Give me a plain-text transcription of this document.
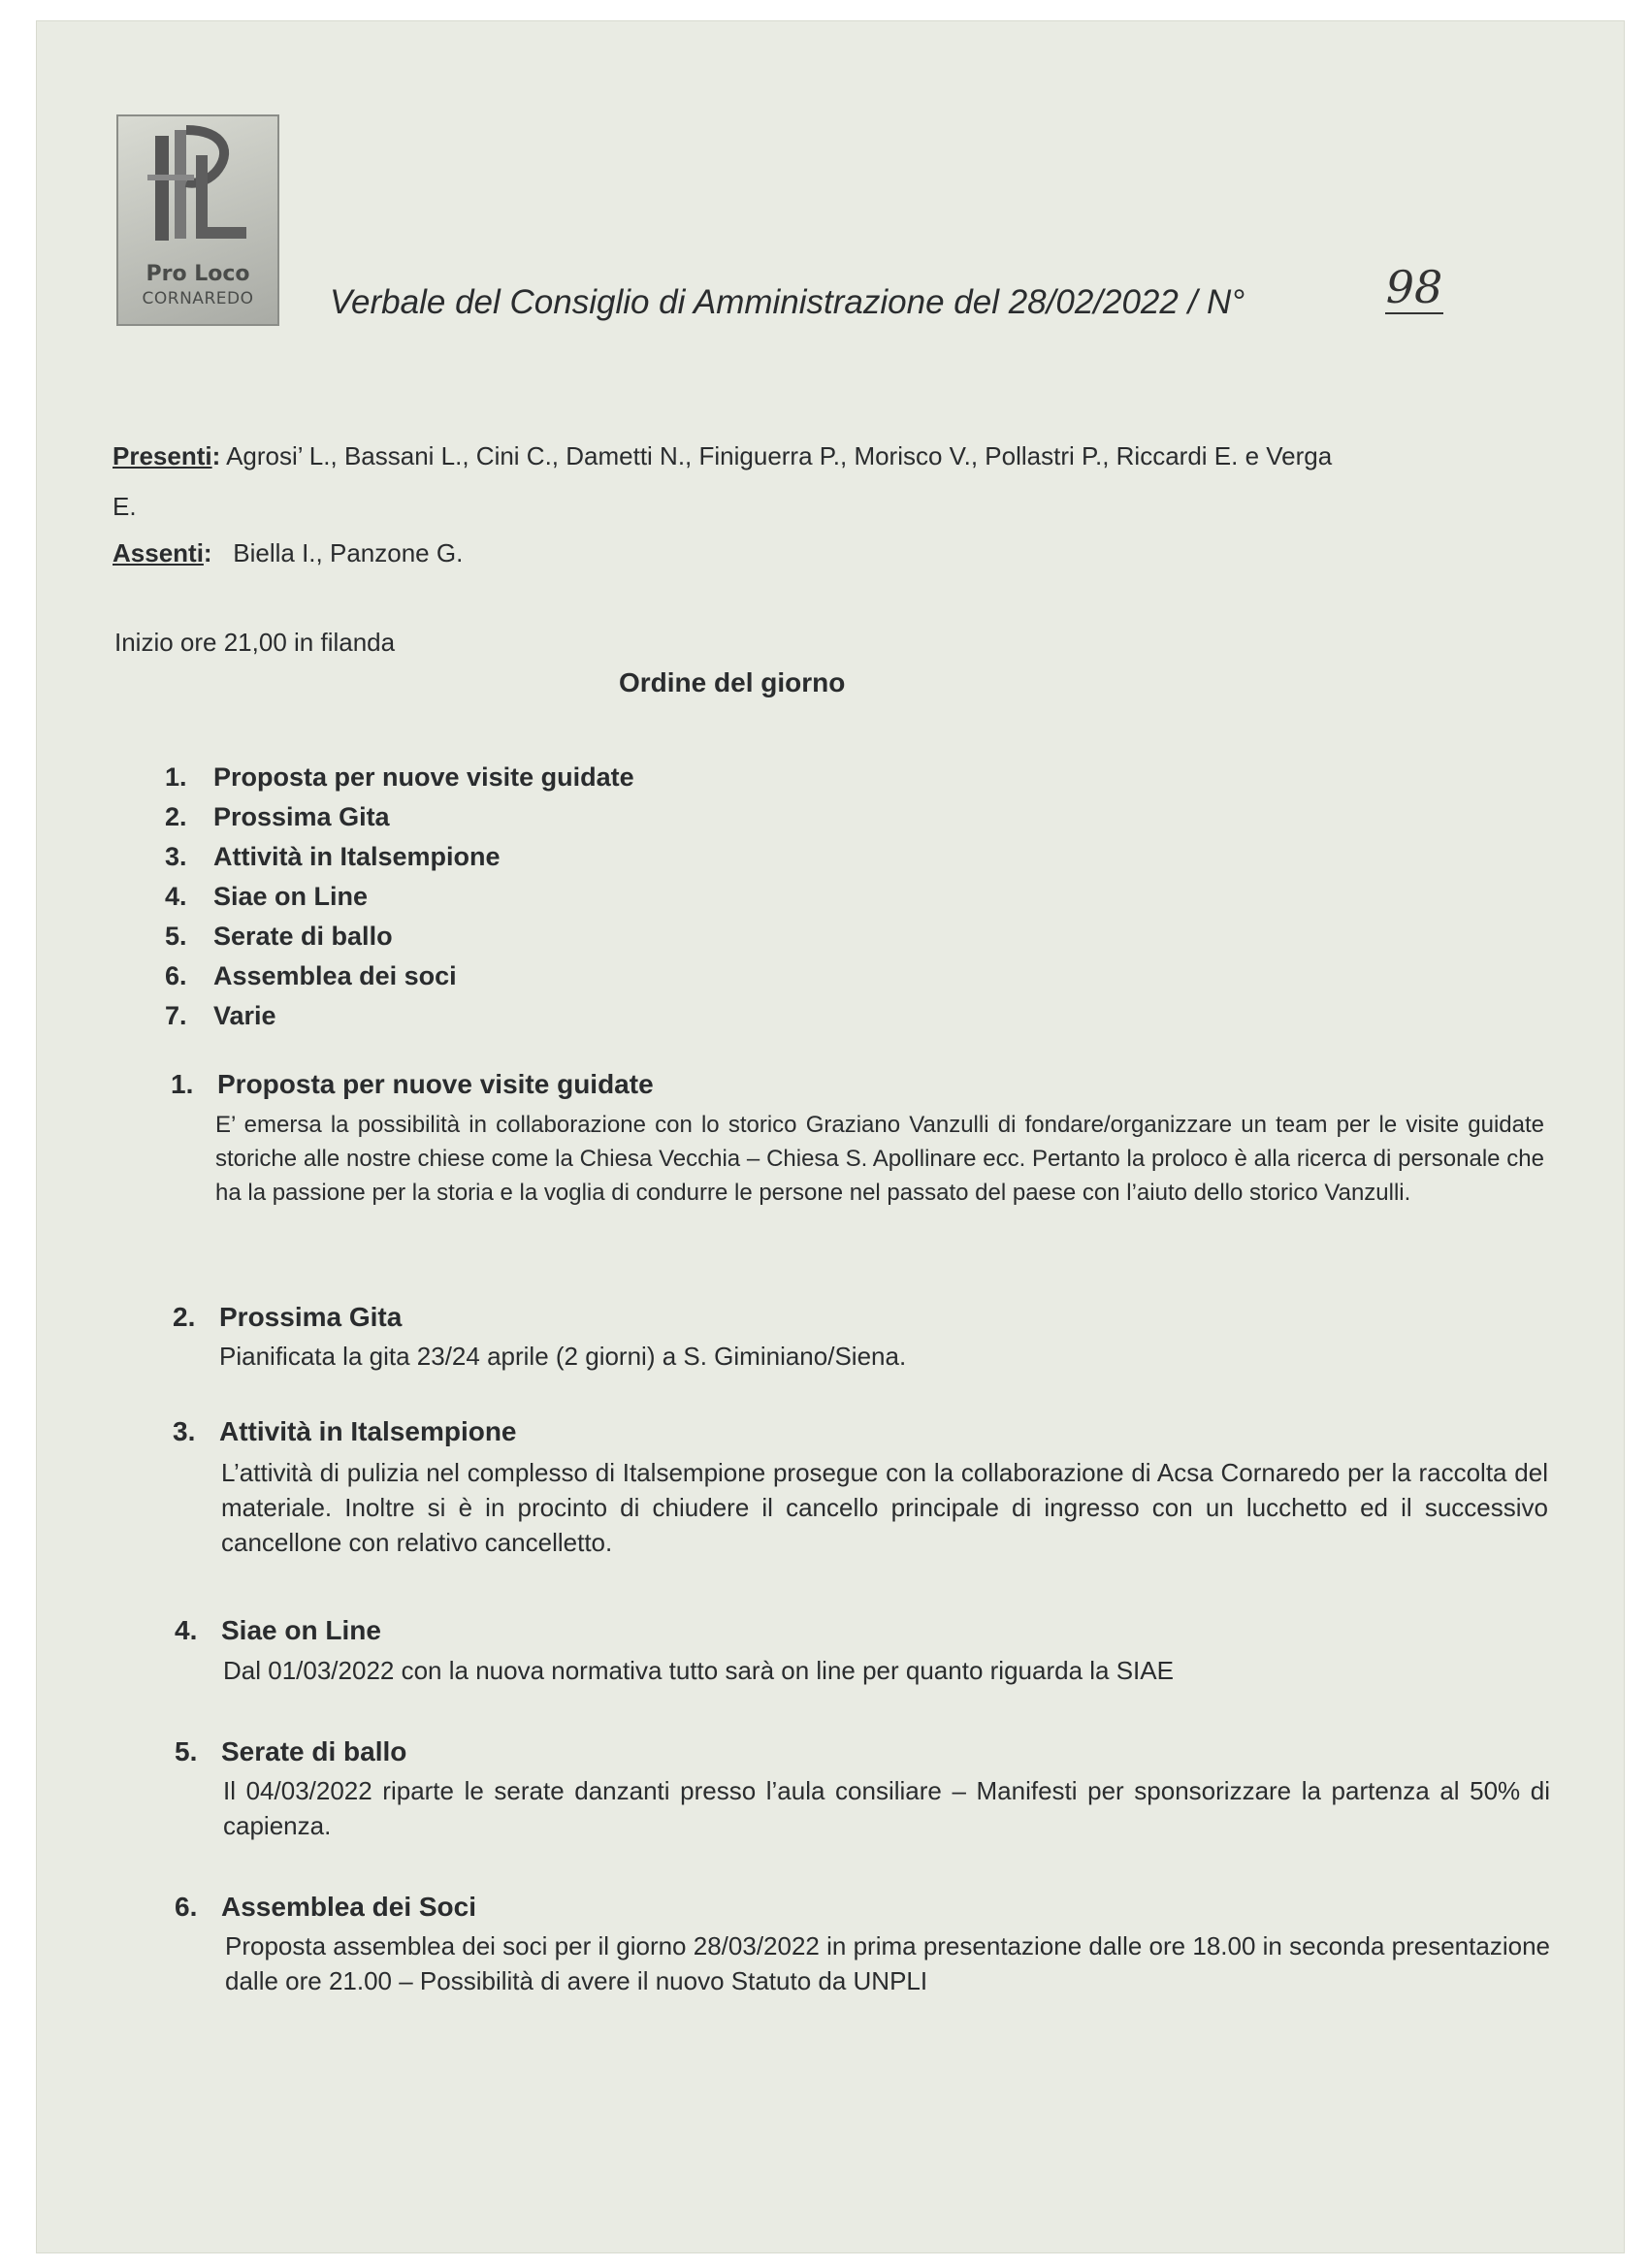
Pro Loco
CORNAREDO	Verbale del Consiglio di Amministrazione del 28/02/2022 / N°	98
Presenti: Agrosi’ L., Bassani L., Cini C., Dametti N., Finiguerra P., Morisco V., Pollastri P., Riccardi E. e Verga
E.
Assenti: Biella I., Panzone G.
Inizio ore 21,00 in filanda
Ordine del giorno
1. Proposta per nuove visite guidate
2. Prossima Gita
3. Attività in Italsempione
4. Siae on Line
5. Serate di ballo
6. Assemblea dei soci
7. Varie
1. Proposta per nuove visite guidate
E’ emersa la possibilità in collaborazione con lo storico Graziano Vanzulli di fondare/organizzare un team per le visite guidate storiche alle nostre chiese come la Chiesa Vecchia – Chiesa S. Apollinare ecc. Pertanto la proloco è alla ricerca di personale che ha la passione per la storia e la voglia di condurre le persone nel passato del paese con l’aiuto dello storico Vanzulli.
2. Prossima Gita
Pianificata la gita 23/24 aprile (2 giorni) a S. Giminiano/Siena.
3. Attività in Italsempione
L’attività di pulizia nel complesso di Italsempione prosegue con la collaborazione di Acsa Cornaredo per la raccolta del materiale. Inoltre si è in procinto di chiudere il cancello principale di ingresso con un lucchetto ed il successivo cancellone con relativo cancelletto.
4. Siae on Line
Dal 01/03/2022 con la nuova normativa tutto sarà on line per quanto riguarda la SIAE
5. Serate di ballo
Il 04/03/2022 riparte le serate danzanti presso l’aula consiliare – Manifesti per sponsorizzare la partenza al 50% di capienza.
6. Assemblea dei Soci
Proposta assemblea dei soci per il giorno 28/03/2022 in prima presentazione dalle ore 18.00 in seconda presentazione dalle ore 21.00 – Possibilità di avere il nuovo Statuto da UNPLI
